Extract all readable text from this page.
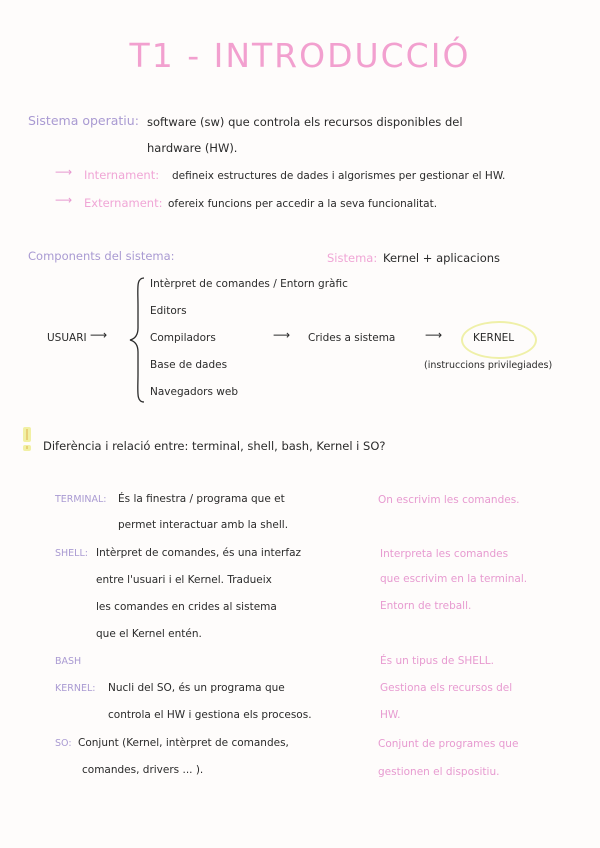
T1 - INTRODUCCIÓ
Sistema operatiu: software (sw) que controla els recursos disponibles del
hardware (HW).
⟶ Internament: defineix estructures de dades i algorismes per gestionar el HW.
⟶ Externament: ofereix funcions per accedir a la seva funcionalitat.
Components del sistema:	Sistema: Kernel + aplicacions
USUARI ⟶
Intèrpret de comandes / Entorn gràfic
Editors
Compiladors
Base de dades
Navegadors web
⟶ Crides a sistema ⟶	KERNEL
(instruccions privilegiades)
Diferència i relació entre: terminal, shell, bash, Kernel i SO?
TERMINAL: És la finestra / programa que et
permet interactuar amb la shell.
On escrivim les comandes.
SHELL: Intèrpret de comandes, és una interfaz
entre l'usuari i el Kernel. Tradueix
les comandes en crides al sistema
que el Kernel entén.
Interpreta les comandes
que escrivim en la terminal.
Entorn de treball.
BASH	És un tipus de SHELL.
KERNEL: Nucli del SO, és un programa que
controla el HW i gestiona els procesos.
Gestiona els recursos del
HW.
SO: Conjunt (Kernel, intèrpret de comandes,
comandes, drivers ... ).
Conjunt de programes que
gestionen el dispositiu.
